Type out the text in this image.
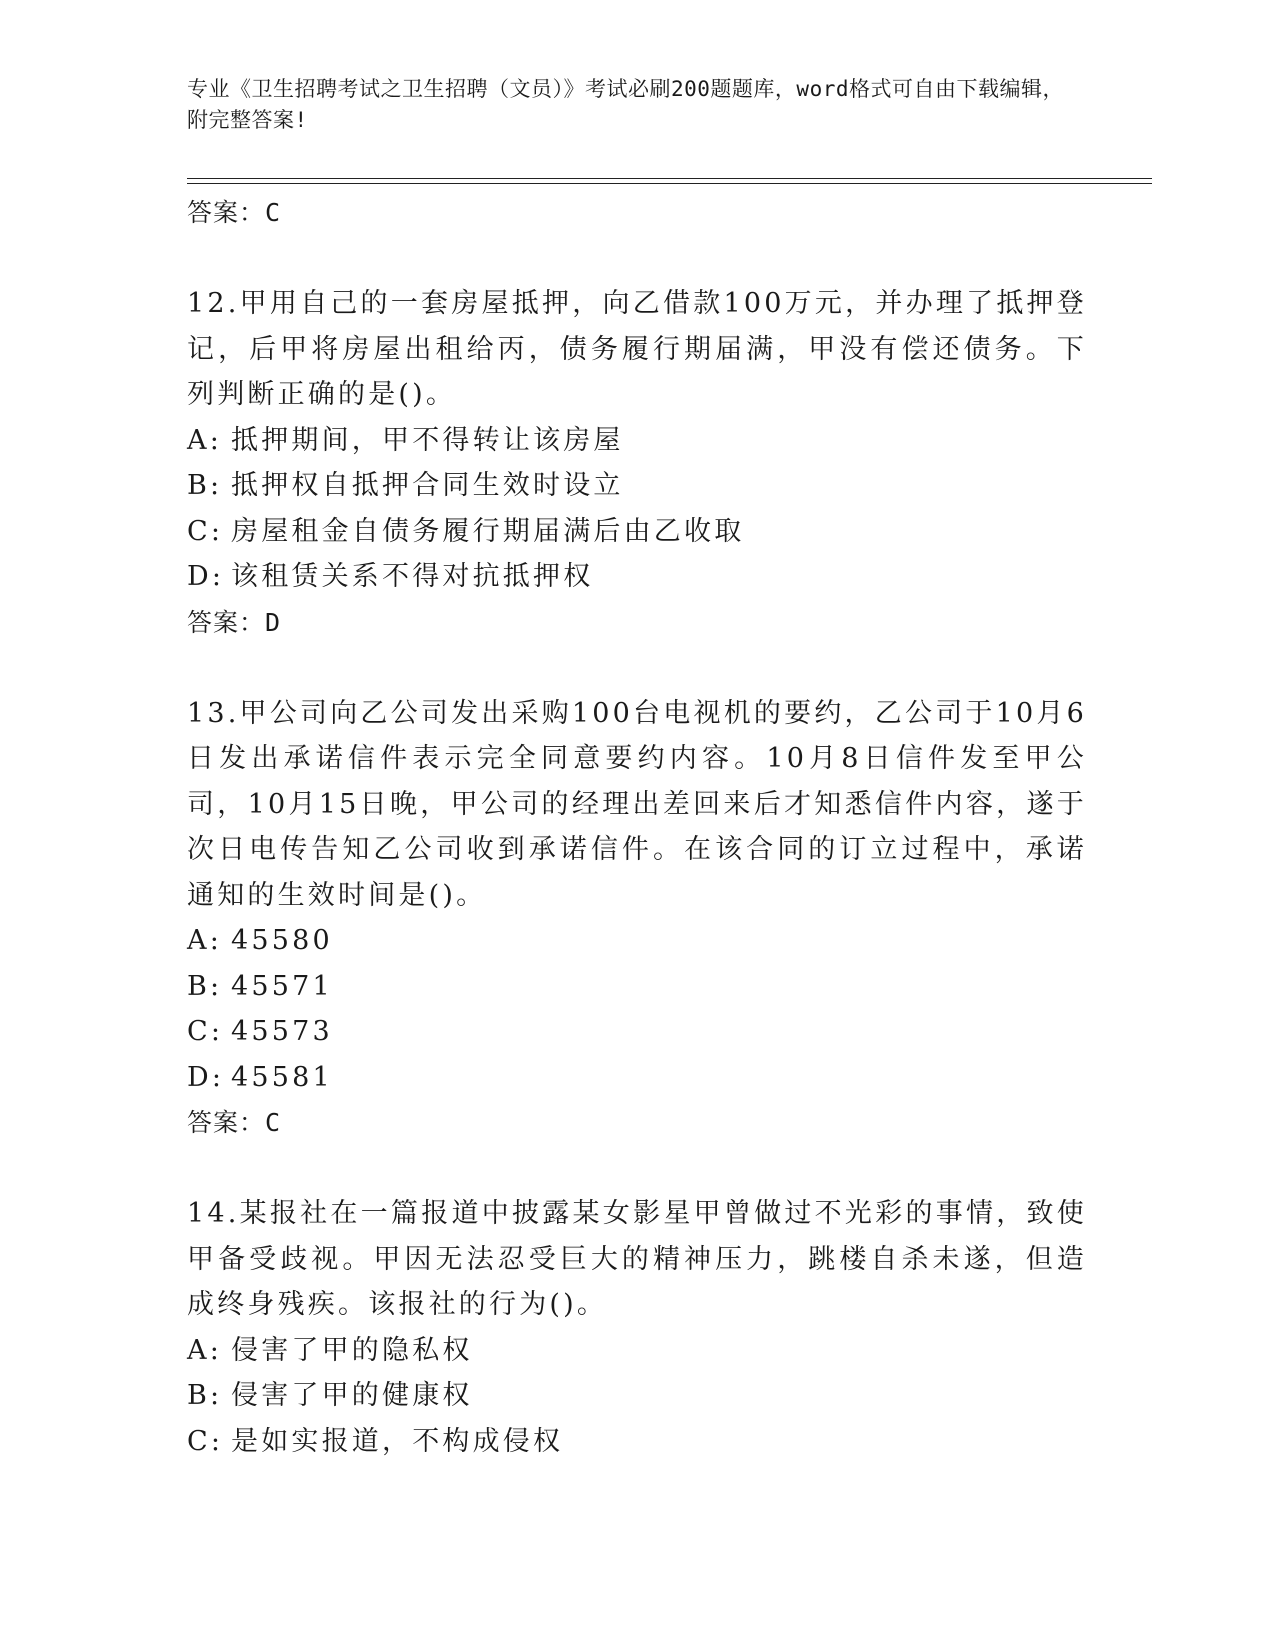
专业《卫生招聘考试之卫生招聘（文员）》考试必刷200题题库，word格式可自由下载编辑，附完整答案!
答案：C
12.甲用自己的一套房屋抵押，向乙借款100万元，并办理了抵押登记，后甲将房屋出租给丙，债务履行期届满，甲没有偿还债务。下列判断正确的是()。
A: 抵押期间，甲不得转让该房屋
B: 抵押权自抵押合同生效时设立
C: 房屋租金自债务履行期届满后由乙收取
D: 该租赁关系不得对抗抵押权
答案：D
13.甲公司向乙公司发出采购100台电视机的要约，乙公司于10月6日发出承诺信件表示完全同意要约内容。10月8日信件发至甲公司，10月15日晚，甲公司的经理出差回来后才知悉信件内容，遂于次日电传告知乙公司收到承诺信件。在该合同的订立过程中，承诺通知的生效时间是()。
A: 45580
B: 45571
C: 45573
D: 45581
答案：C
14.某报社在一篇报道中披露某女影星甲曾做过不光彩的事情，致使甲备受歧视。甲因无法忍受巨大的精神压力，跳楼自杀未遂，但造成终身残疾。该报社的行为()。
A: 侵害了甲的隐私权
B: 侵害了甲的健康权
C: 是如实报道，不构成侵权
